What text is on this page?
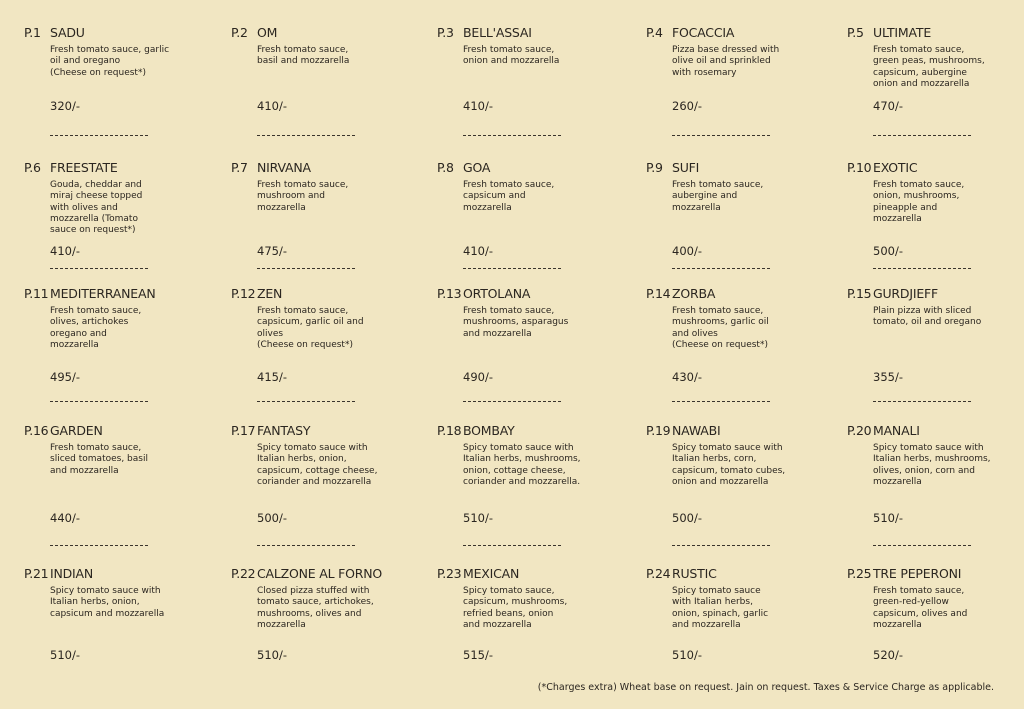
P.1 SADU
Fresh tomato sauce, garlic
oil and oregano
(Cheese on request*)
320/-
P.2 OM
Fresh tomato sauce,
basil and mozzarella
410/-
P.3 BELL'ASSAI
Fresh tomato sauce,
onion and mozzarella
410/-
P.4 FOCACCIA
Pizza base dressed with
olive oil and sprinkled
with rosemary
260/-
P.5 ULTIMATE
Fresh tomato sauce,
green peas, mushrooms,
capsicum, aubergine
onion and mozzarella
470/-
P.6 FREESTATE
Gouda, cheddar and
miraj cheese topped
with olives and
mozzarella (Tomato
sauce on request*)
410/-
P.7 NIRVANA
Fresh tomato sauce,
mushroom and
mozzarella
475/-
P.8 GOA
Fresh tomato sauce,
capsicum and
mozzarella
410/-
P.9 SUFI
Fresh tomato sauce,
aubergine and
mozzarella
400/-
P.10 EXOTIC
Fresh tomato sauce,
onion, mushrooms,
pineapple and
mozzarella
500/-
P.11 MEDITERRANEAN
Fresh tomato sauce,
olives, artichokes
oregano and
mozzarella
495/-
P.12 ZEN
Fresh tomato sauce,
capsicum, garlic oil and
olives
(Cheese on request*)
415/-
P.13 ORTOLANA
Fresh tomato sauce,
mushrooms, asparagus
and mozzarella
490/-
P.14 ZORBA
Fresh tomato sauce,
mushrooms, garlic oil
and olives
(Cheese on request*)
430/-
P.15 GURDJIEFF
Plain pizza with sliced
tomato, oil and oregano
355/-
P.16 GARDEN
Fresh tomato sauce,
sliced tomatoes, basil
and mozzarella
440/-
P.17 FANTASY
Spicy tomato sauce with
Italian herbs, onion,
capsicum, cottage cheese,
coriander and mozzarella
500/-
P.18 BOMBAY
Spicy tomato sauce with
Italian herbs, mushrooms,
onion, cottage cheese,
coriander and mozzarella.
510/-
P.19 NAWABI
Spicy tomato sauce with
Italian herbs, corn,
capsicum, tomato cubes,
onion and mozzarella
500/-
P.20 MANALI
Spicy tomato sauce with
Italian herbs, mushrooms,
olives, onion, corn and
mozzarella
510/-
P.21 INDIAN
Spicy tomato sauce with
Italian herbs, onion,
capsicum and mozzarella
510/-
P.22 CALZONE AL FORNO
Closed pizza stuffed with
tomato sauce, artichokes,
mushrooms, olives and
mozzarella
510/-
P.23 MEXICAN
Spicy tomato sauce,
capsicum, mushrooms,
refried beans, onion
and mozzarella
515/-
P.24 RUSTIC
Spicy tomato sauce
with Italian herbs,
onion, spinach, garlic
and mozzarella
510/-
P.25 TRE PEPERONI
Fresh tomato sauce,
green-red-yellow
capsicum, olives and
mozzarella
520/-
(*Charges extra) Wheat base on request. Jain on request. Taxes & Service Charge as applicable.
